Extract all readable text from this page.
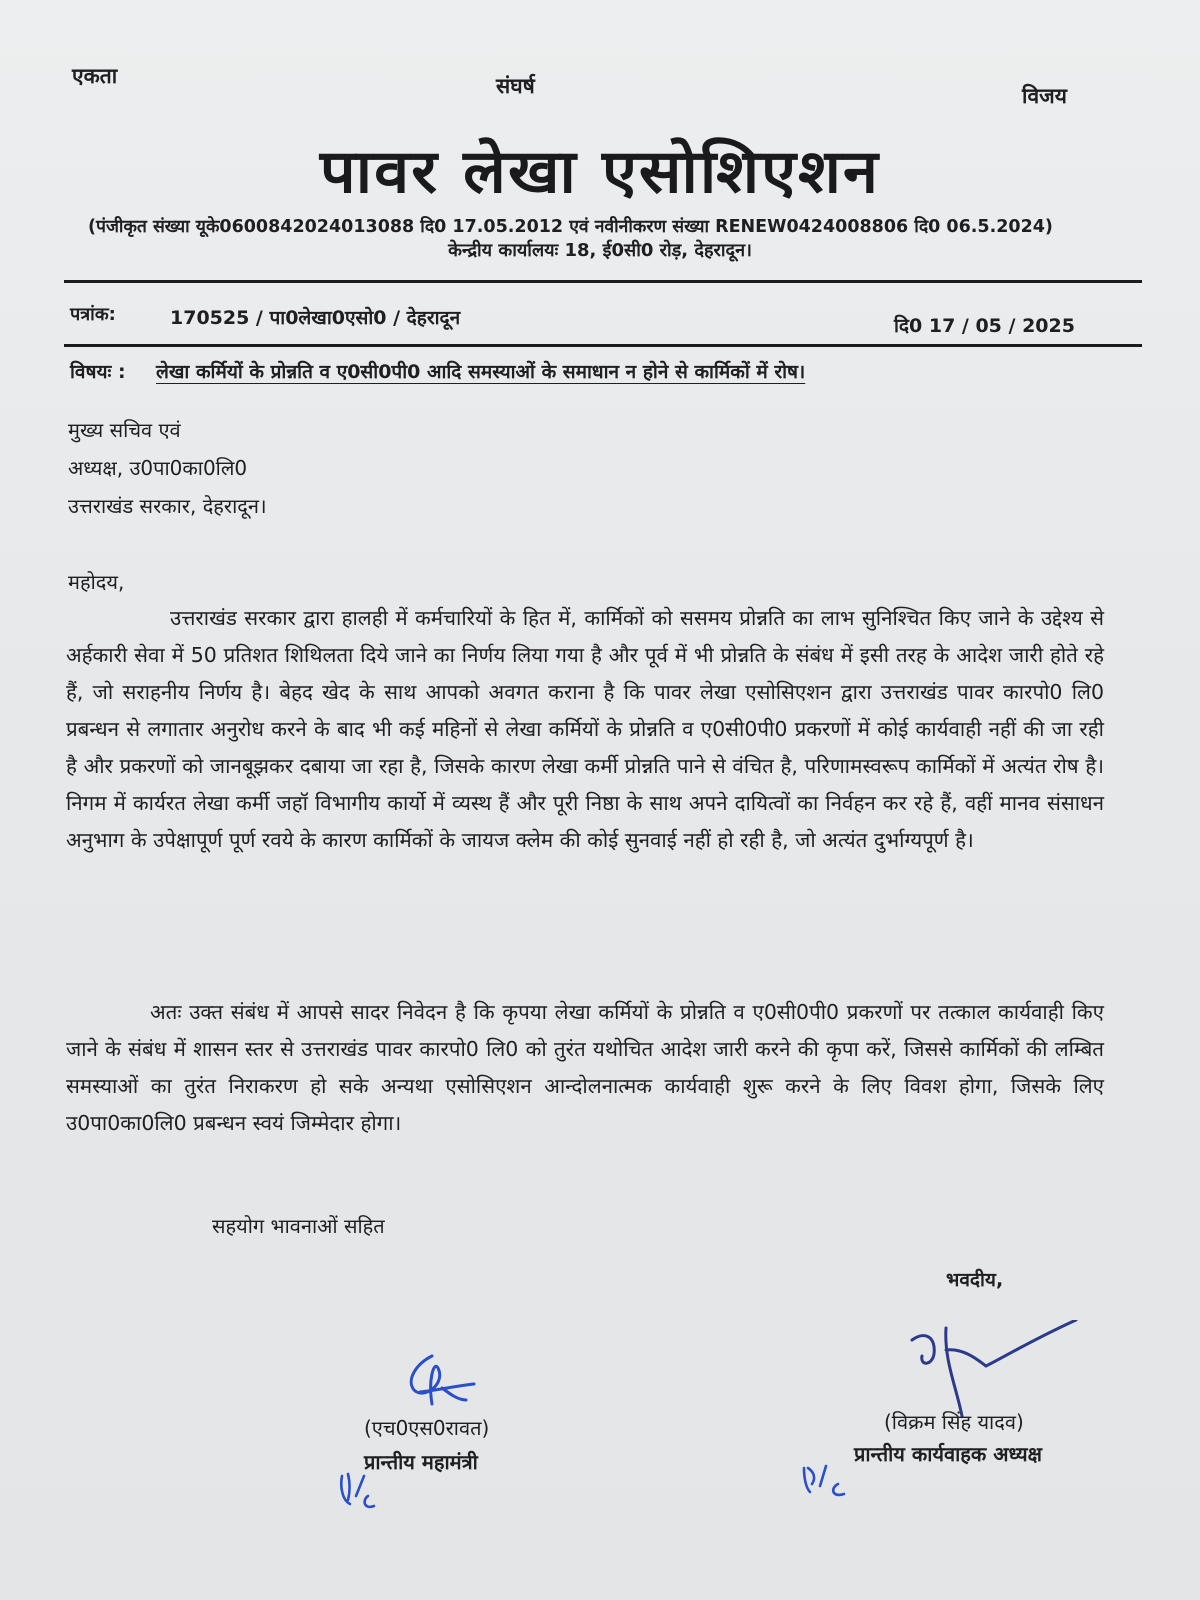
एकता	संघर्ष	विजय
पावर लेखा एसोशिएशन
(पंजीकृत संख्या यूके0600842024013088 दि0 17.05.2012 एवं नवीनीकरण संख्या RENEW0424008806 दि0 06.5.2024)
केन्द्रीय कार्यालयः 18, ई0सी0 रोड़, देहरादून।
पत्रांक:	170525 / पा0लेखा0एसो0 / देहरादून	दि0 17 / 05 / 2025
विषयः : लेखा कर्मियों के प्रोन्नति व ए0सी0पी0 आदि समस्याओं के समाधान न होने से कार्मिकों में रोष।
मुख्य सचिव एवं
अध्यक्ष, उ0पा0का0लि0
उत्तराखंड सरकार, देहरादून।
महोदय,

उत्तराखंड सरकार द्वारा हालही में कर्मचारियों के हित में, कार्मिकों को ससमय प्रोन्नति का लाभ सुनिश्चित किए जाने के उद्देश्य से अर्हकारी सेवा में 50 प्रतिशत शिथिलता दिये जाने का निर्णय लिया गया है और पूर्व में भी प्रोन्नति के संबंध में इसी तरह के आदेश जारी होते रहे हैं, जो सराहनीय निर्णय है। बेहद खेद के साथ आपको अवगत कराना है कि पावर लेखा एसोसिएशन द्वारा उत्तराखंड पावर कारपो0 लि0 प्रबन्धन से लगातार अनुरोध करने के बाद भी कई महिनों से लेखा कर्मियों के प्रोन्नति व ए0सी0पी0 प्रकरणों में कोई कार्यवाही नहीं की जा रही है और प्रकरणों को जानबूझकर दबाया जा रहा है, जिसके कारण लेखा कर्मी प्रोन्नति पाने से वंचित है, परिणामस्वरूप कार्मिकों में अत्यंत रोष है। निगम में कार्यरत लेखा कर्मी जहॉ विभागीय कार्यो में व्यस्थ हैं और पूरी निष्ठा के साथ अपने दायित्वों का निर्वहन कर रहे हैं, वहीं मानव संसाधन अनुभाग के उपेक्षापूर्ण पूर्ण रवये के कारण कार्मिकों के जायज क्लेम की कोई सुनवाई नहीं हो रही है, जो अत्यंत दुर्भाग्यपूर्ण है।

अतः उक्त संबंध में आपसे सादर निवेदन है कि कृपया लेखा कर्मियों के प्रोन्नति व ए0सी0पी0 प्रकरणों पर तत्काल कार्यवाही किए जाने के संबंध में शासन स्तर से उत्तराखंड पावर कारपो0 लि0 को तुरंत यथोचित आदेश जारी करने की कृपा करें, जिससे कार्मिकों की लम्बित समस्याओं का तुरंत निराकरण हो सके अन्यथा एसोसिएशन आन्दोलनात्मक कार्यवाही शुरू करने के लिए विवश होगा, जिसके लिए उ0पा0का0लि0 प्रबन्धन स्वयं जिम्मेदार होगा।

सहयोग भावनाओं सहित
भवदीय,
(एच0एस0रावत)
प्रान्तीय महामंत्री
(विक्रम सिंह यादव)
प्रान्तीय कार्यवाहक अध्यक्ष
